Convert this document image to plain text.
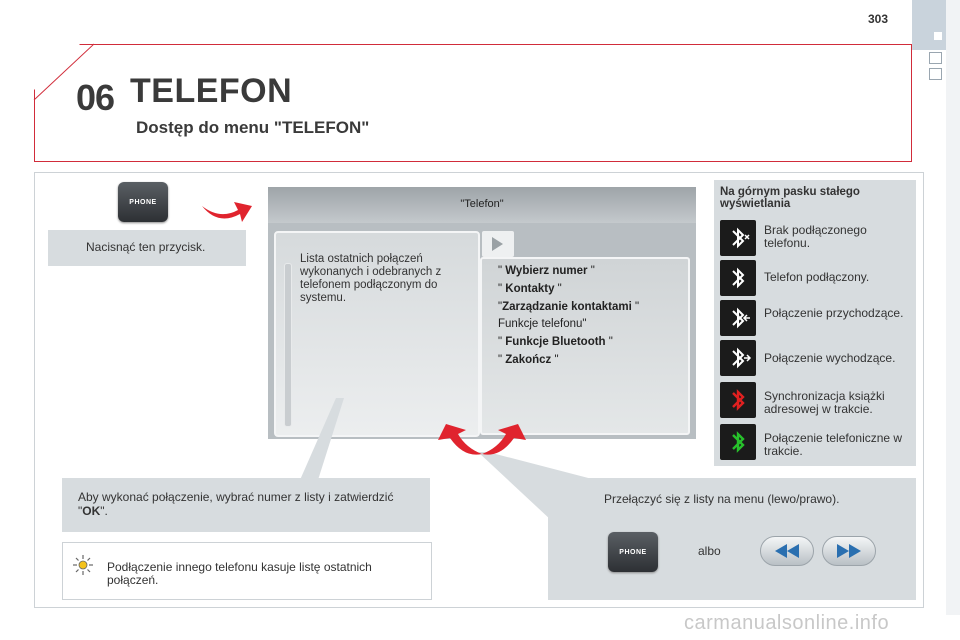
303
06 TELEFON
Dostęp do menu "TELEFON"
PHONE
Nacisnąć ten przycisk.
"Telefon"
Lista ostatnich połączeń wykonanych i odebranych z telefonem podłączonym do systemu.
" Wybierz numer "
" Kontakty "
"Zarządzanie kontaktami "
Funkcje telefonu"
" Funkcje Bluetooth "
" Zakończ "
Na górnym pasku stałego wyświetlania
Brak podłączonego telefonu.
Telefon podłączony.
Połączenie przychodzące.
Połączenie wychodzące.
Synchronizacja książki adresowej w trakcie.
Połączenie telefoniczne w trakcie.
Aby wykonać połączenie, wybrać numer z listy i zatwierdzić "OK".
Podłączenie innego telefonu kasuje listę ostatnich połączeń.
Przełączyć się z listy na menu (lewo/prawo).
PHONE	albo
carmanualsonline.info
